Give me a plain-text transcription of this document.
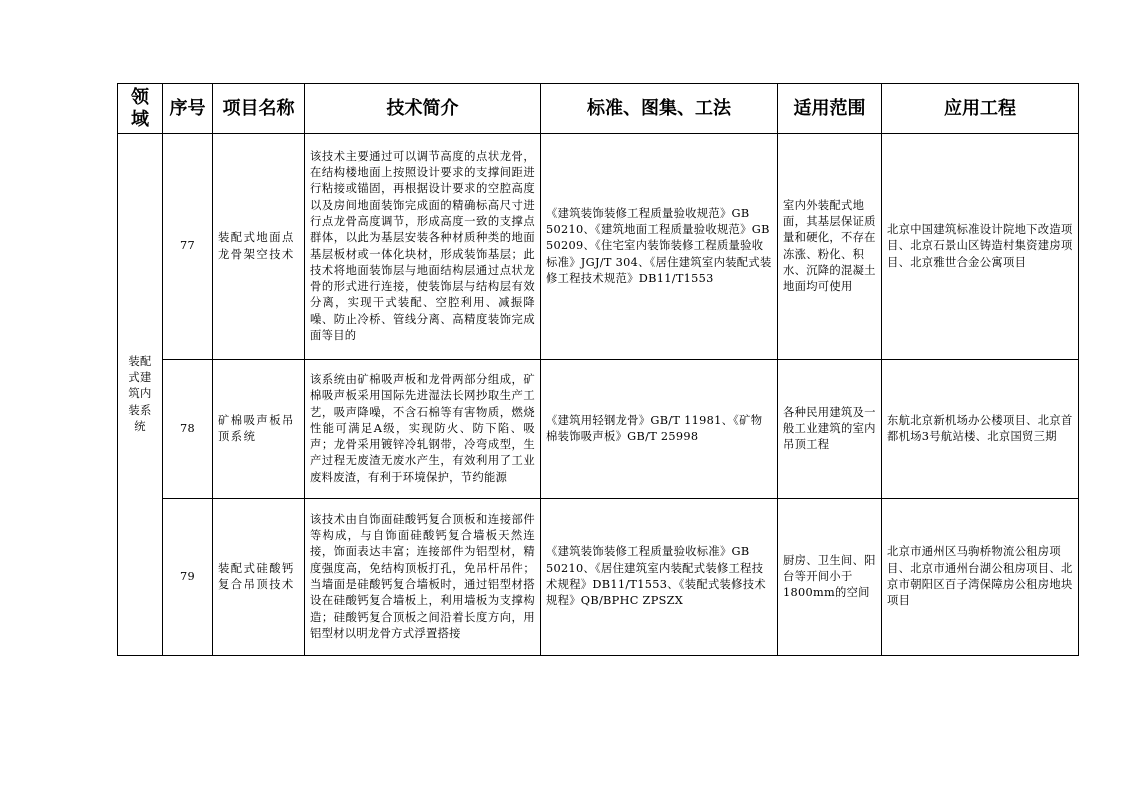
领域	序号	项目名称	技术简介	标准、图集、工法	适用范围	应用工程
装配式建筑内装系统	77	装配式地面点龙骨架空技术	该技术主要通过可以调节高度的点状龙骨，在结构楼地面上按照设计要求的支撑间距进行粘接或锚固，再根据设计要求的空腔高度以及房间地面装饰完成面的精确标高尺寸进行点龙骨高度调节，形成高度一致的支撑点群体，以此为基层安装各种材质种类的地面基层板材或一体化块材，形成装饰基层；此技术将地面装饰层与地面结构层通过点状龙骨的形式进行连接，使装饰层与结构层有效分离，实现干式装配、空腔利用、减振降噪、防止冷桥、管线分离、高精度装饰完成面等目的	《建筑装饰装修工程质量验收规范》GB 50210、《建筑地面工程质量验收规范》GB 50209、《住宅室内装饰装修工程质量验收标准》JGJ/T 304、《居住建筑室内装配式装修工程技术规范》DB11/T1553	室内外装配式地面，其基层保证质量和硬化，不存在冻涨、粉化、积水、沉降的混凝土地面均可使用	北京中国建筑标准设计院地下改造项目、北京石景山区铸造村集资建房项目、北京雅世合金公寓项目
	78	矿棉吸声板吊顶系统	该系统由矿棉吸声板和龙骨两部分组成，矿棉吸声板采用国际先进湿法长网抄取生产工艺，吸声降噪，不含石棉等有害物质，燃烧性能可满足A级，实现防火、防下陷、吸声；龙骨采用镀锌冷轧钢带，冷弯成型，生产过程无废渣无废水产生，有效利用了工业废料废渣，有利于环境保护，节约能源	《建筑用轻钢龙骨》GB/T 11981、《矿物棉装饰吸声板》GB/T 25998	各种民用建筑及一般工业建筑的室内吊顶工程	东航北京新机场办公楼项目、北京首都机场3号航站楼、北京国贸三期
	79	装配式硅酸钙复合吊顶技术	该技术由自饰面硅酸钙复合顶板和连接部件等构成，与自饰面硅酸钙复合墙板天然连接，饰面表达丰富；连接部件为铝型材，精度强度高，免结构顶板打孔，免吊杆吊件；当墙面是硅酸钙复合墙板时，通过铝型材搭设在硅酸钙复合墙板上，利用墙板为支撑构造；硅酸钙复合顶板之间沿着长度方向，用铝型材以明龙骨方式浮置搭接	《建筑装饰装修工程质量验收标准》GB 50210、《居住建筑室内装配式装修工程技术规程》DB11/T1553、《装配式装修技术规程》QB/BPHC ZPSZX	厨房、卫生间、阳台等开间小于1800mm的空间	北京市通州区马驹桥物流公租房项目、北京市通州台湖公租房项目、北京市朝阳区百子湾保障房公租房地块项目
